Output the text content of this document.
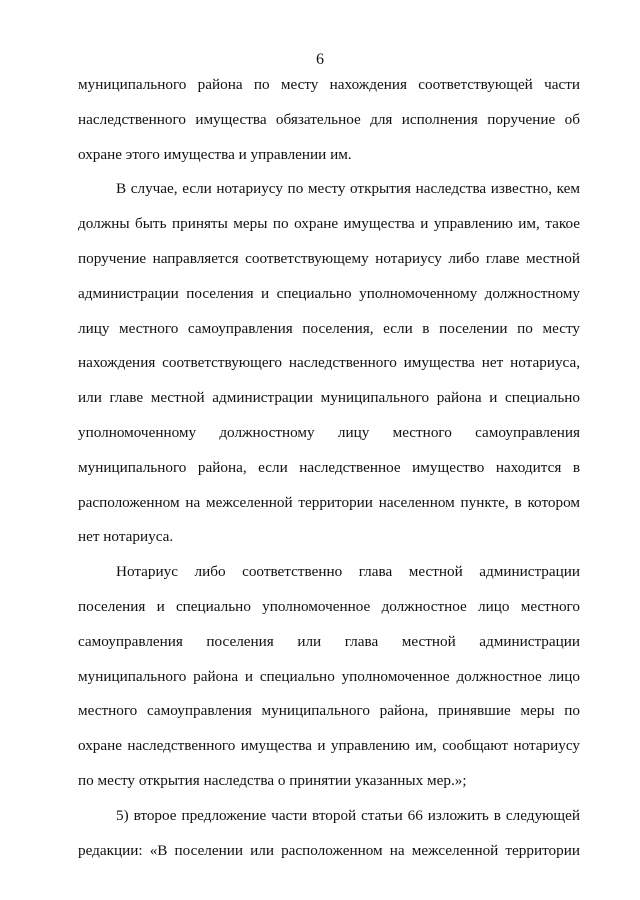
6
муниципального района по месту нахождения соответствующей части
наследственного имущества обязательное для исполнения поручение об
охране этого имущества и управлении им.
В случае, если нотариусу по месту открытия наследства известно, кем
должны быть приняты меры по охране имущества и управлению им, такое
поручение направляется соответствующему нотариусу либо главе местной
администрации поселения и специально уполномоченному должностному
лицу местного самоуправления поселения, если в поселении по месту
нахождения соответствующего наследственного имущества нет нотариуса,
или главе местной администрации муниципального района и специально
уполномоченному должностному лицу местного самоуправления
муниципального района, если наследственное имущество находится в
расположенном на межселенной территории населенном пункте, в котором
нет нотариуса.
Нотариус либо соответственно глава местной администрации
поселения и специально уполномоченное должностное лицо местного
самоуправления поселения или глава местной администрации
муниципального района и специально уполномоченное должностное лицо
местного самоуправления муниципального района, принявшие меры по
охране наследственного имущества и управлению им, сообщают нотариусу
по месту открытия наследства о принятии указанных мер.»;
5) второе предложение части второй статьи 66 изложить в следующей
редакции: «В поселении или расположенном на межселенной территории
